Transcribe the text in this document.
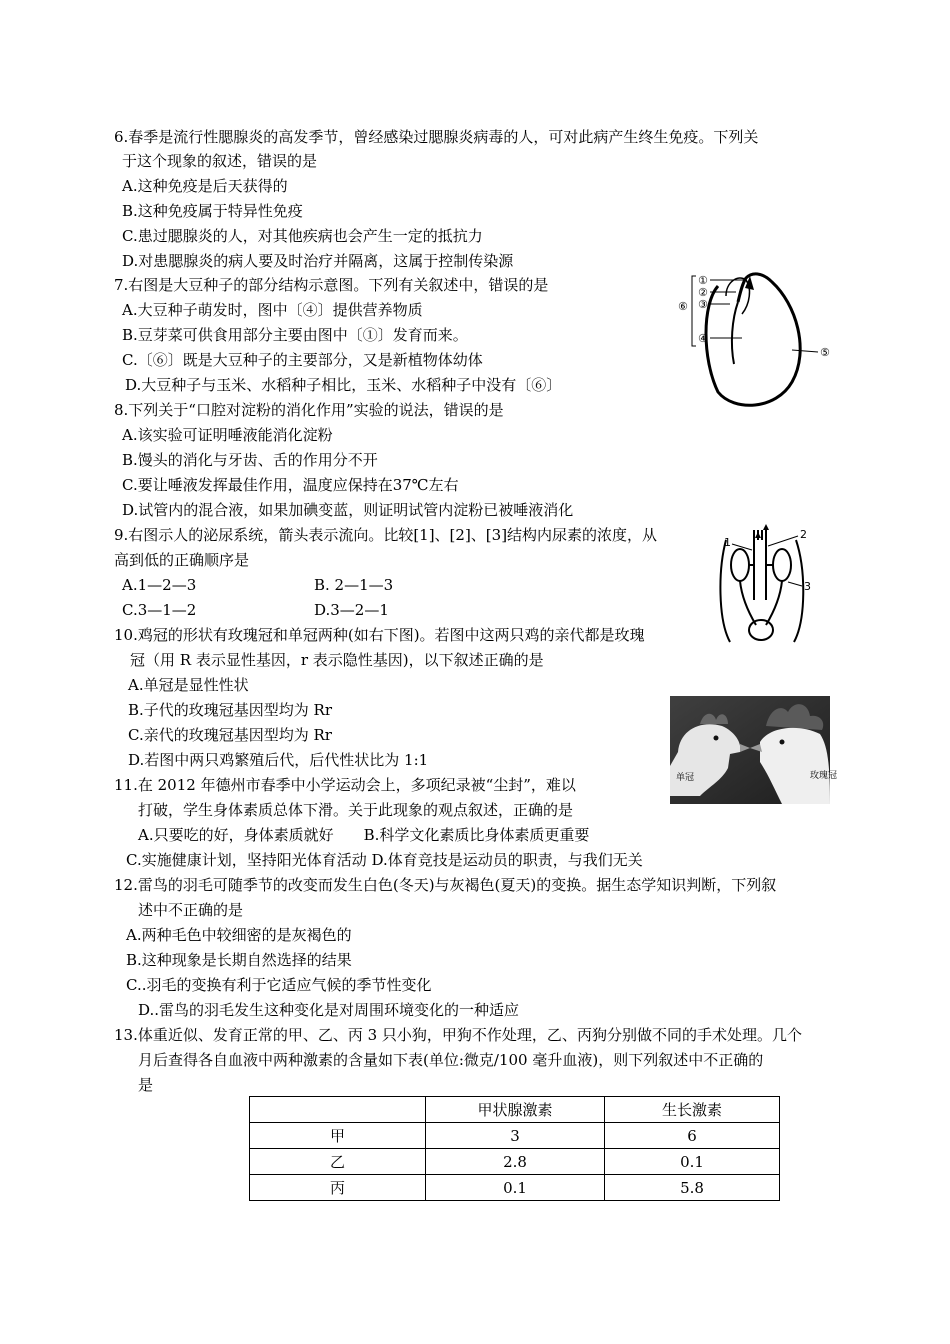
6.春季是流行性腮腺炎的高发季节，曾经感染过腮腺炎病毒的人，可对此病产生终生免疫。下列关
于这个现象的叙述，错误的是
A.这种免疫是后天获得的
B.这种免疫属于特异性免疫
C.患过腮腺炎的人，对其他疾病也会产生一定的抵抗力
D.对患腮腺炎的病人要及时治疗并隔离，这属于控制传染源
7.右图是大豆种子的部分结构示意图。下列有关叙述中，错误的是
A.大豆种子萌发时，图中〔④〕提供营养物质
B.豆芽菜可供食用部分主要由图中〔①〕发育而来。
C.〔⑥〕既是大豆种子的主要部分，又是新植物体幼体
D.大豆种子与玉米、水稻种子相比，玉米、水稻种子中没有〔⑥〕
①
②
③
④
⑤
⑥
8.下列关于“口腔对淀粉的消化作用”实验的说法，错误的是
A.该实验可证明唾液能消化淀粉
B.馒头的消化与牙齿、舌的作用分不开
C.要让唾液发挥最佳作用，温度应保持在37℃左右
D.试管内的混合液，如果加碘变蓝，则证明试管内淀粉已被唾液消化
9.右图示人的泌尿系统，箭头表示流向。比较[1]、[2]、[3]结构内尿素的浓度，从
高到低的正确顺序是
A.1—2—3	B. 2—1—3
C.3—1—2	D.3—2—1
1
2
3
10.鸡冠的形状有玫瑰冠和单冠两种(如右下图)。若图中这两只鸡的亲代都是玫瑰
冠（用 R 表示显性基因，r 表示隐性基因)，以下叙述正确的是
A.单冠是显性性状
B.子代的玫瑰冠基因型均为 Rr
C.亲代的玫瑰冠基因型均为 Rr
D.若图中两只鸡繁殖后代，后代性状比为 1:1
单冠	玫瑰冠
11.在 2012 年德州市春季中小学运动会上，多项纪录被“尘封”，难以
打破，学生身体素质总体下滑。关于此现象的观点叙述，正确的是
A.只要吃的好，身体素质就好　　B.科学文化素质比身体素质更重要
C.实施健康计划，坚持阳光体育活动 D.体育竞技是运动员的职责，与我们无关
12.雷鸟的羽毛可随季节的改变而发生白色(冬天)与灰褐色(夏天)的变换。据生态学知识判断，下列叙
述中不正确的是
A.两种毛色中较细密的是灰褐色的
B.这种现象是长期自然选择的结果
C..羽毛的变换有利于它适应气候的季节性变化
D..雷鸟的羽毛发生这种变化是对周围环境变化的一种适应
13.体重近似、发育正常的甲、乙、丙 3 只小狗，甲狗不作处理，乙、丙狗分别做不同的手术处理。几个
月后查得各自血液中两种激素的含量如下表(单位:微克/100 毫升血液)，则下列叙述中不正确的
是
	甲状腺激素	生长激素
甲	3	6
乙	2.8	0.1
丙	0.1	5.8
